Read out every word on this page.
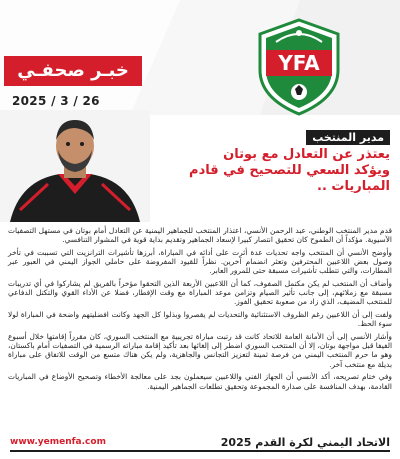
YFA
خبـر صحفـي
2025 / 3 / 26
مدير المنتخب
يعتذر عن التعادل مع بوتان
ويؤكد السعي للتصحيح في قادم المباريات ..

قدم مدير المنتخب الوطني، عبد الرحمن الأنسي، اعتذار المنتخب للجماهير اليمنية عن التعادل أمام بوتان في مستهل التصفيات الآسيوية. مؤكداً أن الطموح كان تحقيق انتصار كبيرا لإسعاد الجماهير وتقديم بداية قوية في المشوار التنافسي.

وأوضح الأنسي أن المنتخب واجه تحديات عدة أثرت على أدائه في المباراة، أبرزها تأشيرات الترانزيت التي تسببت في تأخر وصول بعض اللاعبين المحترفين وتعثر انضمام آخرين. نظراً للقيود المفروضة على حاملي الجواز اليمني في العبور عبر المطارات، والتي تتطلب تأشيرات مسبقة حتى للمرور العابر.

وأضاف أن المنتخب لم يكن مكتمل الصفوف، كما أن اللاعبين الأربعة الذين التحقوا مؤخراً بالفريق لم يشاركوا في أي تدريبات مسبقة مع زملائهم، إلى جانب تأثير الصيام وتزامن موعد المباراة مع وقت الإفطار، فضلا عن الأداء القوي والتكتل الدفاعي للمنتخب المضيف، الذي زاد من صعوبة تحقيق الفوز.

ولفت إلى أن اللاعبين رغم الظروف الاستثنائية والتحديات لم يقصروا وبذلوا كل الجهد وكانت افضليتهم واضحة في المباراة لولا سوء الحظ.

وأشار الأنسي إلى أن الأمانة العامة للاتحاد كانت قد رتبت مباراة تجريبية مع المنتخب السوري، كان مقرراً إقامتها خلال أسبوع الفيفا قبل مواجهة بوتان، إلا أن المنتخب السوري اضطر إلى إلغائها بعد تأكيد إقامة مباراته الرسمية في التصفيات أمام باكستان، وهو ما حرم المنتخب اليمني من فرصة ثمينة لتعزيز التجانس والجاهزية، ولم يكن هناك متسع من الوقت للاتفاق على مباراة بديلة مع منتخب آخر.

وفي ختام تصريحه، أكد الأنسي أن الجهاز الفني واللاعبين سيعملون بجد على معالجة الأخطاء وتصحيح الأوضاع في المباريات القادمة، بهدف المنافسة على صدارة المجموعة وتحقيق تطلعات الجماهير اليمنية.

www.yemenfa.com	الاتحاد اليمني لكرة القدم 2025
